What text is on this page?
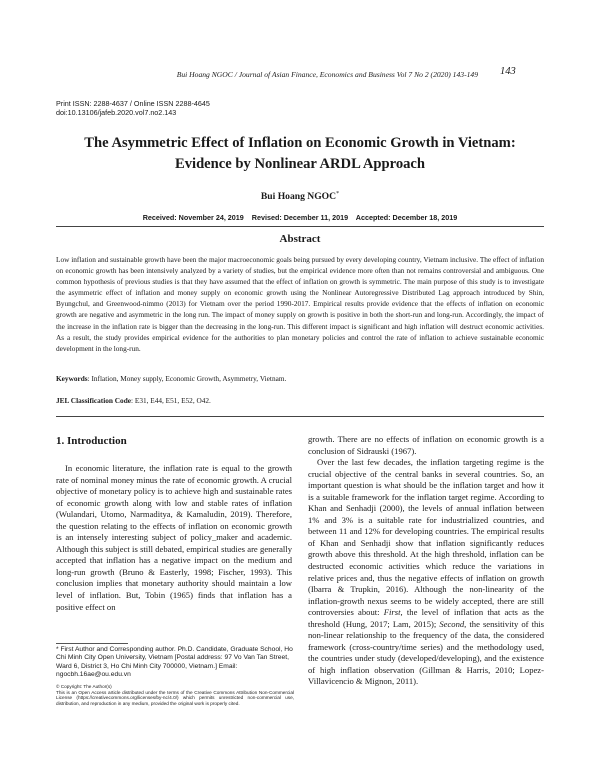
Bui Hoang NGOC / Journal of Asian Finance, Economics and Business Vol 7 No 2 (2020) 143-149 143
Print ISSN: 2288-4637 / Online ISSN 2288-4645
doi:10.13106/jafeb.2020.vol7.no2.143
The Asymmetric Effect of Inflation on Economic Growth in Vietnam:
Evidence by Nonlinear ARDL Approach
Bui Hoang NGOC*
Received: November 24, 2019    Revised: December 11, 2019    Accepted: December 18, 2019
Abstract

Low inflation and sustainable growth have been the major macroeconomic goals being pursued by every developing country, Vietnam inclusive. The effect of inflation on economic growth has been intensively analyzed by a variety of studies, but the empirical evidence more often than not remains controversial and ambiguous. One common hypothesis of previous studies is that they have assumed that the effect of inflation on growth is symmetric. The main purpose of this study is to investigate the asymmetric effect of inflation and money supply on economic growth using the Nonlinear Autoregressive Distributed Lag approach introduced by Shin, Byungchul, and Greenwood-nimmo (2013) for Vietnam over the period 1990-2017. Empirical results provide evidence that the effects of inflation on economic growth are negative and asymmetric in the long run. The impact of money supply on growth is positive in both the short-run and long-run. Accordingly, the impact of the increase in the inflation rate is bigger than the decreasing in the long-run. This different impact is significant and high inflation will destruct economic activities. As a result, the study provides empirical evidence for the authorities to plan monetary policies and control the rate of inflation to achieve sustainable economic development in the long-run.

Keywords: Inflation, Money supply, Economic Growth, Asymmetry, Vietnam.
JEL Classification Code: E31, E44, E51, E52, O42.
1. Introduction

In economic literature, the inflation rate is equal to the growth rate of nominal money minus the rate of economic growth. A crucial objective of monetary policy is to achieve high and sustainable rates of economic growth along with low and stable rates of inflation (Wulandari, Utomo, Narmaditya, & Kamaludin, 2019). Therefore, the question relating to the effects of inflation on economic growth is an intensely interesting subject of policy_maker and academic. Although this subject is still debated, empirical studies are generally accepted that inflation has a negative impact on the medium and long-run growth (Bruno & Easterly, 1998; Fischer, 1993). This conclusion implies that monetary authority should maintain a low level of inflation. But, Tobin (1965) finds that inflation has a positive effect on

growth. There are no effects of inflation on economic growth is a conclusion of Sidrauski (1967).

Over the last few decades, the inflation targeting regime is the crucial objective of the central banks in several countries. So, an important question is what should be the inflation target and how it is a suitable framework for the inflation target regime. According to Khan and Senhadji (2000), the levels of annual inflation between 1% and 3% is a suitable rate for industrialized countries, and between 11 and 12% for developing countries. The empirical results of Khan and Senhadji show that inflation significantly reduces growth above this threshold. At the high threshold, inflation can be destructed economic activities which reduce the variations in relative prices and, thus the negative effects of inflation on growth (Ibarra & Trupkin, 2016). Although the non-linearity of the inflation-growth nexus seems to be widely accepted, there are still controversies about: First, the level of inflation that acts as the threshold (Hung, 2017; Lam, 2015); Second, the sensitivity of this non-linear relationship to the frequency of the data, the considered framework (cross-country/time series) and the methodology used, the countries under study (developed/developing), and the existence of high inflation observation (Gillman & Harris, 2010; Lopez-Villavicencio & Mignon, 2011).

* First Author and Corresponding author. Ph.D. Candidate, Graduate School, Ho Chi Minh City Open University, Vietnam [Postal address: 97 Vo Van Tan Street, Ward 6, District 3, Ho Chi Minh City 700000, Vietnam.] Email: ngocbh.16ae@ou.edu.vn

© Copyright: The Author(s)

This is an Open Access article distributed under the terms of the Creative Commons Attribution Non-Commercial License (https://creativecommons.org/licenses/by-nc/4.0/) which permits unrestricted non-commercial use, distribution, and reproduction in any medium, provided the original work is properly cited.
